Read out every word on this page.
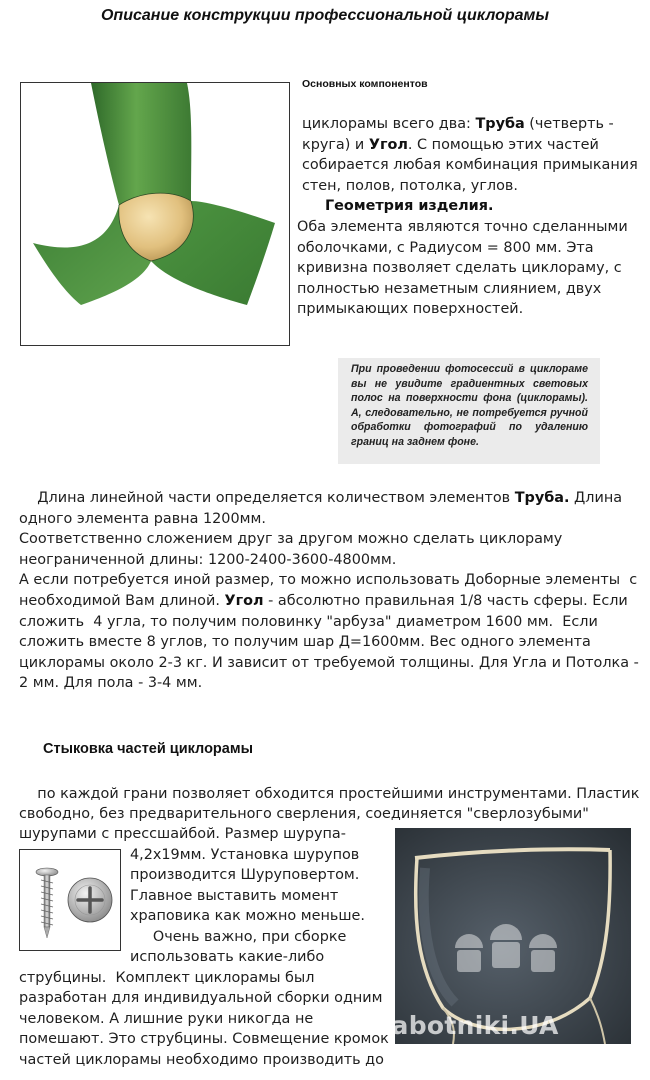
Описание конструкции профессиональной циклорамы
Основных компонентов
циклорамы всего два: Труба (четверть -
круга) и Угол. С помощью этих частей
собирается любая комбинация примыкания
стен, полов, потолка, углов.
Геометрия изделия.
Оба элемента являются точно сделанными
оболочками, с Радиусом = 800 мм. Эта
кривизна позволяет сделать циклораму, с
полностью незаметным слиянием, двух
примыкающих поверхностей.
При проведении фотосессий в циклораме вы не увидите градиентных световых полос на поверхности фона (циклорамы). А, следовательно, не потребуется ручной обработки фотографий по удалению границ на заднем фоне.
Длина линейной части определяется количеством элементов Труба. Длина
одного элемента равна 1200мм.
Соответственно сложением друг за другом можно сделать циклораму
неограниченной длины: 1200-2400-3600-4800мм.
А если потребуется иной размер, то можно использовать Доборные элементы  с
необходимой Вам длиной. Угол - абсолютно правильная 1/8 часть сферы. Если
сложить  4 угла, то получим половинку "арбуза" диаметром 1600 мм.  Если
сложить вместе 8 углов, то получим шар Д=1600мм. Вес одного элемента
циклорамы около 2-3 кг. И зависит от требуемой толщины. Для Угла и Потолка -
2 мм. Для пола - 3-4 мм.
Стыковка частей циклорамы
по каждой грани позволяет обходится простейшими инструментами. Пластик
свободно, без предварительного сверления, соединяется "сверлозубыми"
шурупами с прессшайбой. Размер шурупа-
4,2х19мм. Установка шурупов
производится Шуруповертом.
Главное выставить момент
храповика как можно меньше.
Очень важно, при сборке
использовать какие-либо
струбцины.  Комплект циклорамы был
разработан для индивидуальной сборки одним
человеком. А лишние руки никогда не
помешают. Это струбцины. Совмещение кромок
частей циклорамы необходимо производить до
Rabotniki.UA
